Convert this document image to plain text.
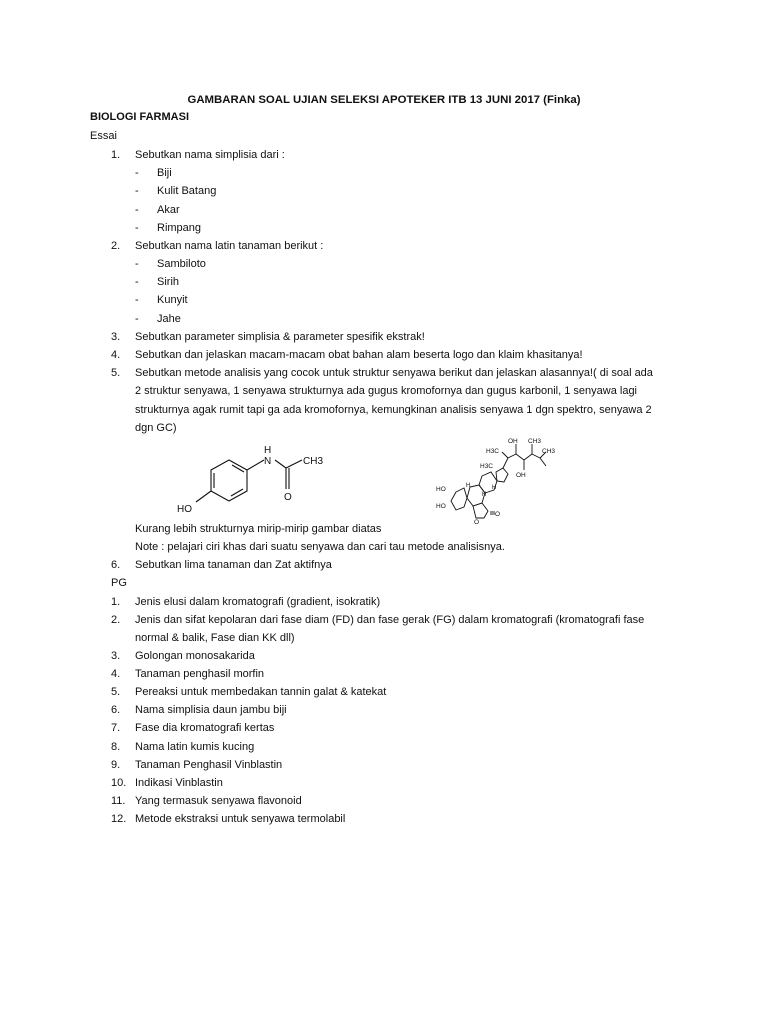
GAMBARAN SOAL UJIAN SELEKSI APOTEKER ITB 13 JUNI 2017 (Finka)
BIOLOGI FARMASI
Essai
1. Sebutkan nama simplisia dari :
- Biji
- Kulit Batang
- Akar
- Rimpang
2. Sebutkan nama latin tanaman berikut :
- Sambiloto
- Sirih
- Kunyit
- Jahe
3. Sebutkan parameter simplisia & parameter spesifik ekstrak!
4. Sebutkan dan jelaskan macam-macam obat bahan alam beserta logo dan klaim khasitanya!
5. Sebutkan metode analisis yang cocok untuk struktur senyawa berikut dan jelaskan alasannya!( di soal ada
2 struktur senyawa, 1 senyawa strukturnya ada gugus kromofornya dan gugus karbonil, 1 senyawa lagi
strukturnya agak rumit tapi ga ada kromofornya, kemungkinan analisis senyawa 1 dgn spektro, senyawa 2
dgn GC)
H
N	CH3
O
HO
OH CH3
CH3
H3C
H3C
OH
HO	H
H
H
HO
O
O
Kurang lebih strukturnya mirip-mirip gambar diatas
Note : pelajari ciri khas dari suatu senyawa dan cari tau metode analisisnya.
6. Sebutkan lima tanaman dan Zat aktifnya
PG
1. Jenis elusi dalam kromatografi (gradient, isokratik)
2. Jenis dan sifat kepolaran dari fase diam (FD) dan fase gerak (FG) dalam kromatografi (kromatografi fase
normal & balik, Fase dian KK dll)
3. Golongan monosakarida
4. Tanaman penghasil morfin
5. Pereaksi untuk membedakan tannin galat & katekat
6. Nama simplisia daun jambu biji
7. Fase dia kromatografi kertas
8. Nama latin kumis kucing
9. Tanaman Penghasil Vinblastin
10. Indikasi Vinblastin
11. Yang termasuk senyawa flavonoid
12. Metode ekstraksi untuk senyawa termolabil
